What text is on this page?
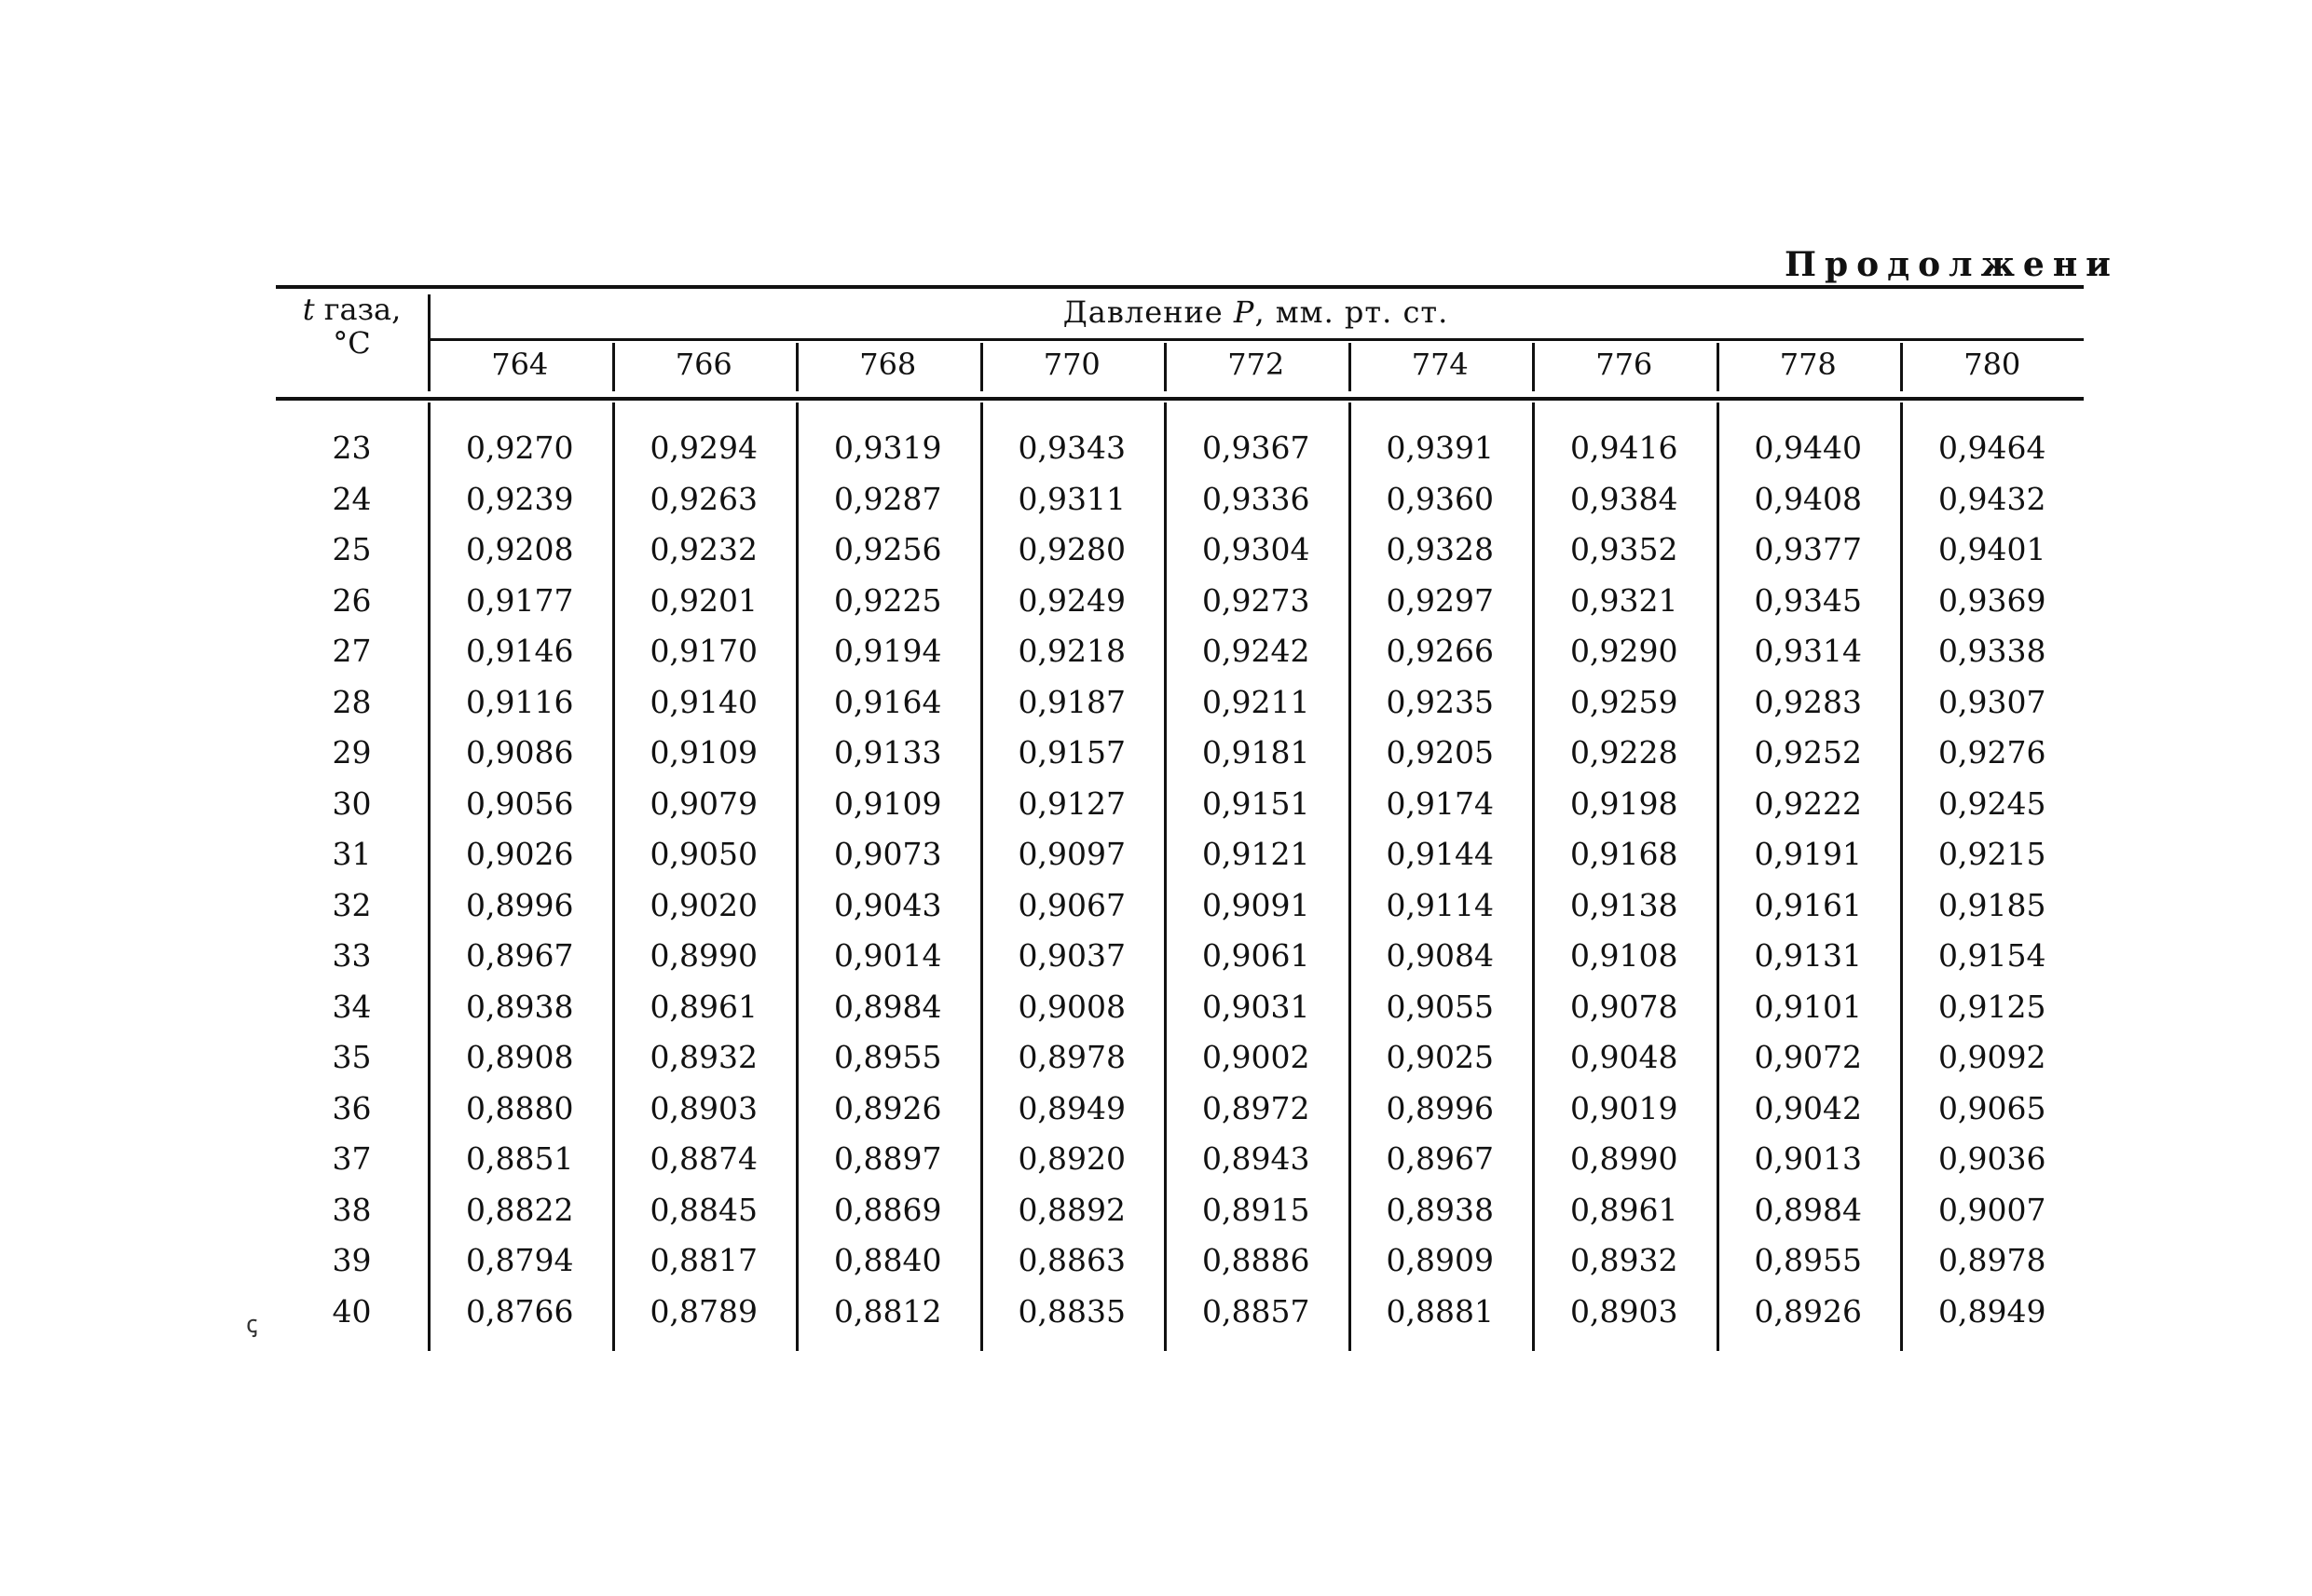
Продолжени
t газа,
°С
Давление P, мм. рт. ст.
764	766	768	770	772	774	776	778	780
23	0,9270	0,9294	0,9319	0,9343	0,9367	0,9391	0,9416	0,9440	0,9464
24	0,9239	0,9263	0,9287	0,9311	0,9336	0,9360	0,9384	0,9408	0,9432
25	0,9208	0,9232	0,9256	0,9280	0,9304	0,9328	0,9352	0,9377	0,9401
26	0,9177	0,9201	0,9225	0,9249	0,9273	0,9297	0,9321	0,9345	0,9369
27	0,9146	0,9170	0,9194	0,9218	0,9242	0,9266	0,9290	0,9314	0,9338
28	0,9116	0,9140	0,9164	0,9187	0,9211	0,9235	0,9259	0,9283	0,9307
29	0,9086	0,9109	0,9133	0,9157	0,9181	0,9205	0,9228	0,9252	0,9276
30	0,9056	0,9079	0,9109	0,9127	0,9151	0,9174	0,9198	0,9222	0,9245
31	0,9026	0,9050	0,9073	0,9097	0,9121	0,9144	0,9168	0,9191	0,9215
32	0,8996	0,9020	0,9043	0,9067	0,9091	0,9114	0,9138	0,9161	0,9185
33	0,8967	0,8990	0,9014	0,9037	0,9061	0,9084	0,9108	0,9131	0,9154
34	0,8938	0,8961	0,8984	0,9008	0,9031	0,9055	0,9078	0,9101	0,9125
35	0,8908	0,8932	0,8955	0,8978	0,9002	0,9025	0,9048	0,9072	0,9092
36	0,8880	0,8903	0,8926	0,8949	0,8972	0,8996	0,9019	0,9042	0,9065
37	0,8851	0,8874	0,8897	0,8920	0,8943	0,8967	0,8990	0,9013	0,9036
38	0,8822	0,8845	0,8869	0,8892	0,8915	0,8938	0,8961	0,8984	0,9007
39	0,8794	0,8817	0,8840	0,8863	0,8886	0,8909	0,8932	0,8955	0,8978
40	0,8766	0,8789	0,8812	0,8835	0,8857	0,8881	0,8903	0,8926	0,8949
ꞔ
